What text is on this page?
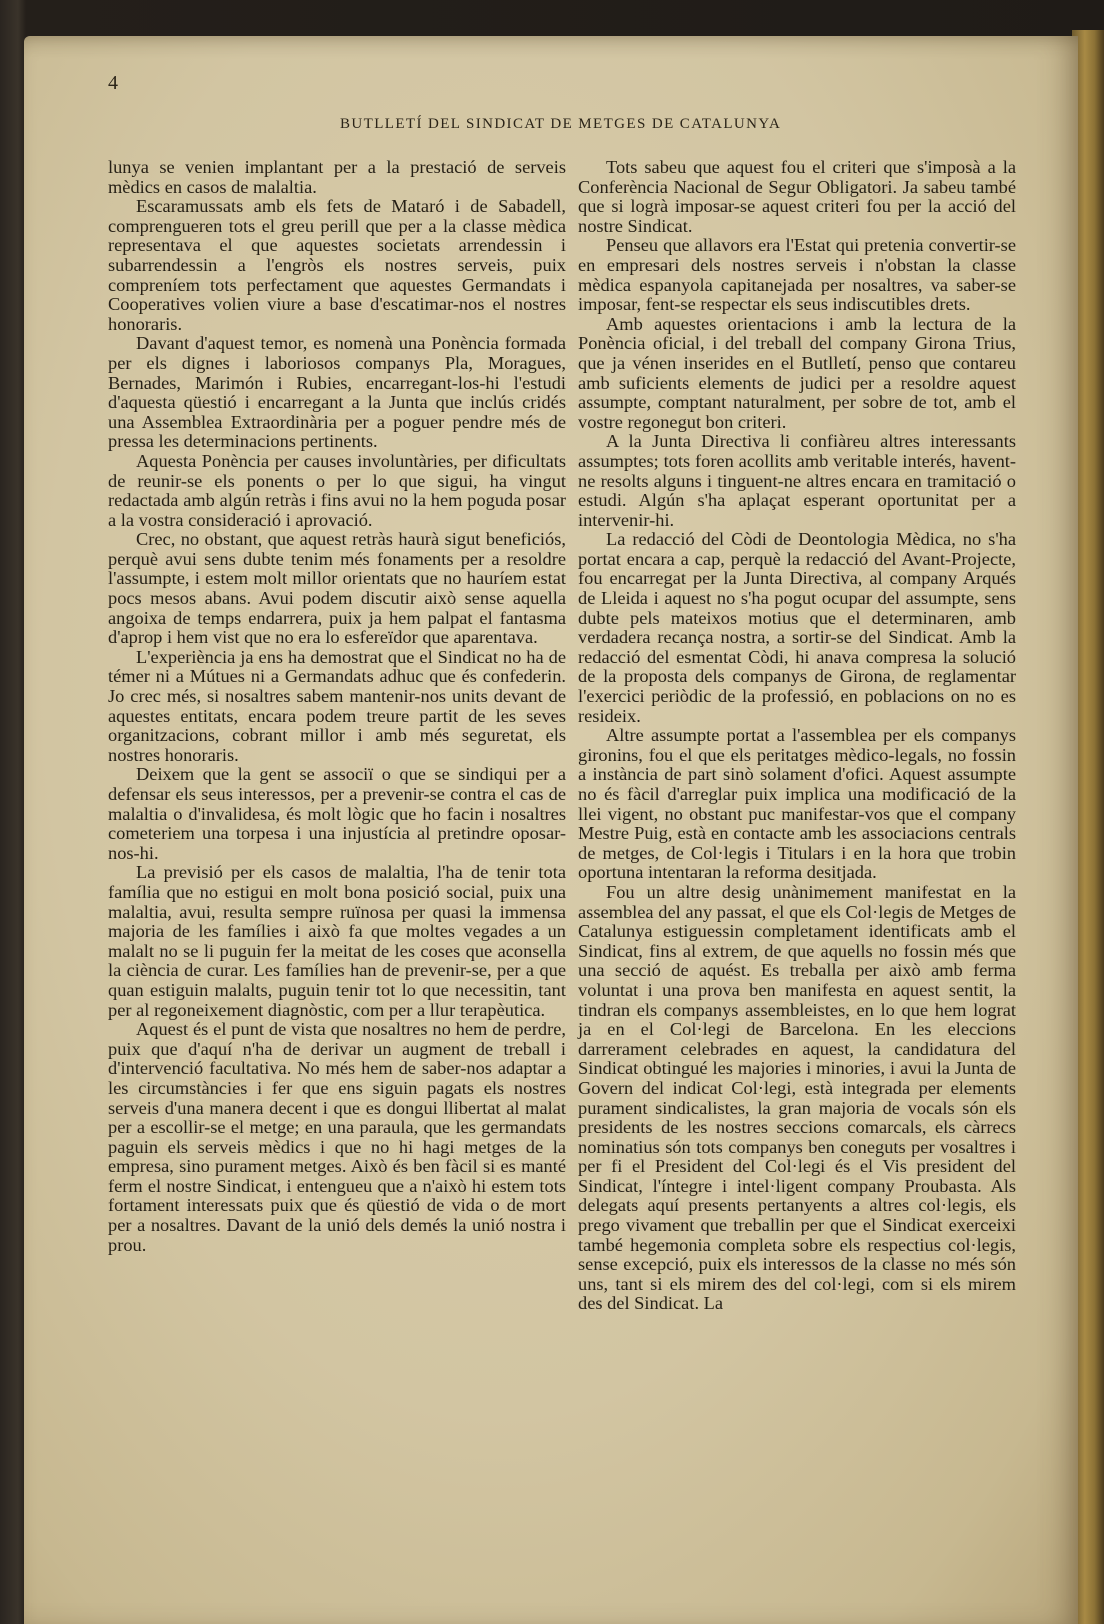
4
BUTLLETÍ DEL SINDICAT DE METGES DE CATALUNYA

lunya se venien implantant per a la prestació de serveis mèdics en casos de malaltia.

Escaramussats amb els fets de Mataró i de Sabadell, comprengueren tots el greu perill que per a la classe mèdica representava el que aquestes societats arrendessin i subarrendessin a l'engròs els nostres serveis, puix compreníem tots perfectament que aquestes Germandats i Cooperatives volien viure a base d'escatimar-nos el nostres honoraris.

Davant d'aquest temor, es nomenà una Ponència formada per els dignes i laboriosos companys Pla, Moragues, Bernades, Marimón i Rubies, encarregant-los-hi l'estudi d'aquesta qüestió i encarregant a la Junta que inclús cridés una Assemblea Extraordinària per a poguer pendre més de pressa les determinacions pertinents.

Aquesta Ponència per causes involuntàries, per dificultats de reunir-se els ponents o per lo que sigui, ha vingut redactada amb algún retràs i fins avui no la hem poguda posar a la vostra consideració i aprovació.

Crec, no obstant, que aquest retràs haurà sigut beneficiós, perquè avui sens dubte tenim més fonaments per a resoldre l'assumpte, i estem molt millor orientats que no hauríem estat pocs mesos abans. Avui podem discutir això sense aquella angoixa de temps endarrera, puix ja hem palpat el fantasma d'aprop i hem vist que no era lo esfereïdor que aparentava.

L'experiència ja ens ha demostrat que el Sindicat no ha de témer ni a Mútues ni a Germandats adhuc que és confederin. Jo crec més, si nosaltres sabem mantenir-nos units devant de aquestes entitats, encara podem treure partit de les seves organitzacions, cobrant millor i amb més seguretat, els nostres honoraris.

Deixem que la gent se associï o que se sindiqui per a defensar els seus interessos, per a prevenir-se contra el cas de malaltia o d'invalidesa, és molt lògic que ho facin i nosaltres cometeriem una torpesa i una injustícia al pretindre oposar-nos-hi.

La previsió per els casos de malaltia, l'ha de tenir tota família que no estigui en molt bona posició social, puix una malaltia, avui, resulta sempre ruïnosa per quasi la immensa majoria de les famílies i això fa que moltes vegades a un malalt no se li puguin fer la meitat de les coses que aconsella la ciència de curar. Les famílies han de prevenir-se, per a que quan estiguin malalts, puguin tenir tot lo que necessitin, tant per al regoneixement diagnòstic, com per a llur terapèutica.

Aquest és el punt de vista que nosaltres no hem de perdre, puix que d'aquí n'ha de derivar un augment de treball i d'intervenció facultativa. No més hem de saber-nos adaptar a les circumstàncies i fer que ens siguin pagats els nostres serveis d'una manera decent i que es dongui llibertat al malat per a escollir-se el metge; en una paraula, que les germandats paguin els serveis mèdics i que no hi hagi metges de la empresa, sino purament metges. Això és ben fàcil si es manté ferm el nostre Sindicat, i entengueu que a n'això hi estem tots fortament interessats puix que és qüestió de vida o de mort per a nosaltres. Davant de la unió dels demés la unió nostra i prou.

Tots sabeu que aquest fou el criteri que s'imposà a la Conferència Nacional de Segur Obligatori. Ja sabeu també que si logrà imposar-se aquest criteri fou per la acció del nostre Sindicat.

Penseu que allavors era l'Estat qui pretenia convertir-se en empresari dels nostres serveis i n'obstan la classe mèdica espanyola capitanejada per nosaltres, va saber-se imposar, fent-se respectar els seus indiscutibles drets.

Amb aquestes orientacions i amb la lectura de la Ponència oficial, i del treball del company Girona Trius, que ja vénen inserides en el Butlletí, penso que contareu amb suficients elements de judici per a resoldre aquest assumpte, comptant naturalment, per sobre de tot, amb el vostre regonegut bon criteri.

A la Junta Directiva li confiàreu altres interessants assumptes; tots foren acollits amb veritable interés, havent-ne resolts alguns i tinguent-ne altres encara en tramitació o estudi. Algún s'ha aplaçat esperant oportunitat per a intervenir-hi.

La redacció del Còdi de Deontologia Mèdica, no s'ha portat encara a cap, perquè la redacció del Avant-Projecte, fou encarregat per la Junta Directiva, al company Arqués de Lleida i aquest no s'ha pogut ocupar del assumpte, sens dubte pels mateixos motius que el determinaren, amb verdadera recança nostra, a sortir-se del Sindicat. Amb la redacció del esmentat Còdi, hi anava compresa la solució de la proposta dels companys de Girona, de reglamentar l'exercici periòdic de la professió, en poblacions on no es resideix.

Altre assumpte portat a l'assemblea per els companys gironins, fou el que els peritatges mèdico-legals, no fossin a instància de part sinò solament d'ofici. Aquest assumpte no és fàcil d'arreglar puix implica una modificació de la llei vigent, no obstant puc manifestar-vos que el company Mestre Puig, està en contacte amb les associacions centrals de metges, de Col·legis i Titulars i en la hora que trobin oportuna intentaran la reforma desitjada.

Fou un altre desig unànimement manifestat en la assemblea del any passat, el que els Col·legis de Metges de Catalunya estiguessin completament identificats amb el Sindicat, fins al extrem, de que aquells no fossin més que una secció de aquést. Es treballa per això amb ferma voluntat i una prova ben manifesta en aquest sentit, la tindran els companys assembleistes, en lo que hem lograt ja en el Col·legi de Barcelona. En les eleccions darrerament celebrades en aquest, la candidatura del Sindicat obtingué les majories i minories, i avui la Junta de Govern del indicat Col·legi, està integrada per elements purament sindicalistes, la gran majoria de vocals són els presidents de les nostres seccions comarcals, els càrrecs nominatius són tots companys ben coneguts per vosaltres i per fi el President del Col·legi és el Vis president del Sindicat, l'íntegre i intel·ligent company Proubasta. Als delegats aquí presents pertanyents a altres col·legis, els prego vivament que treballin per que el Sindicat exerceixi també hegemonia completa sobre els respectius col·legis, sense excepció, puix els interessos de la classe no més són uns, tant si els mirem des del col·legi, com si els mirem des del Sindicat. La
